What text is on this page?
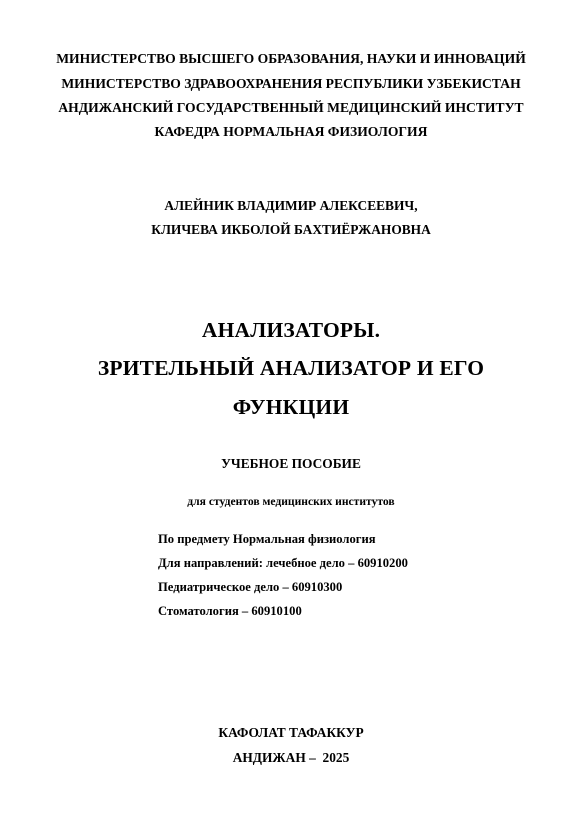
МИНИСТЕРСТВО ВЫСШЕГО ОБРАЗОВАНИЯ, НАУКИ И ИННОВАЦИЙ
МИНИСТЕРСТВО ЗДРАВООХРАНЕНИЯ РЕСПУБЛИКИ УЗБЕКИСТАН
АНДИЖАНСКИЙ ГОСУДАРСТВЕННЫЙ МЕДИЦИНСКИЙ ИНСТИТУТ
КАФЕДРА НОРМАЛЬНАЯ ФИЗИОЛОГИЯ
АЛЕЙНИК ВЛАДИМИР АЛЕКСЕЕВИЧ,
КЛИЧЕВА ИКБОЛОЙ БАХТИЁРЖАНОВНА
АНАЛИЗАТОРЫ.
ЗРИТЕЛЬНЫЙ АНАЛИЗАТОР И ЕГО
ФУНКЦИИ
УЧЕБНОЕ ПОСОБИЕ
для студентов медицинских институтов
По предмету Нормальная физиология
Для направлений: лечебное дело – 60910200
Педиатрическое дело – 60910300
Стоматология – 60910100
КАФОЛАТ ТАФАККУР
АНДИЖАН –  2025
